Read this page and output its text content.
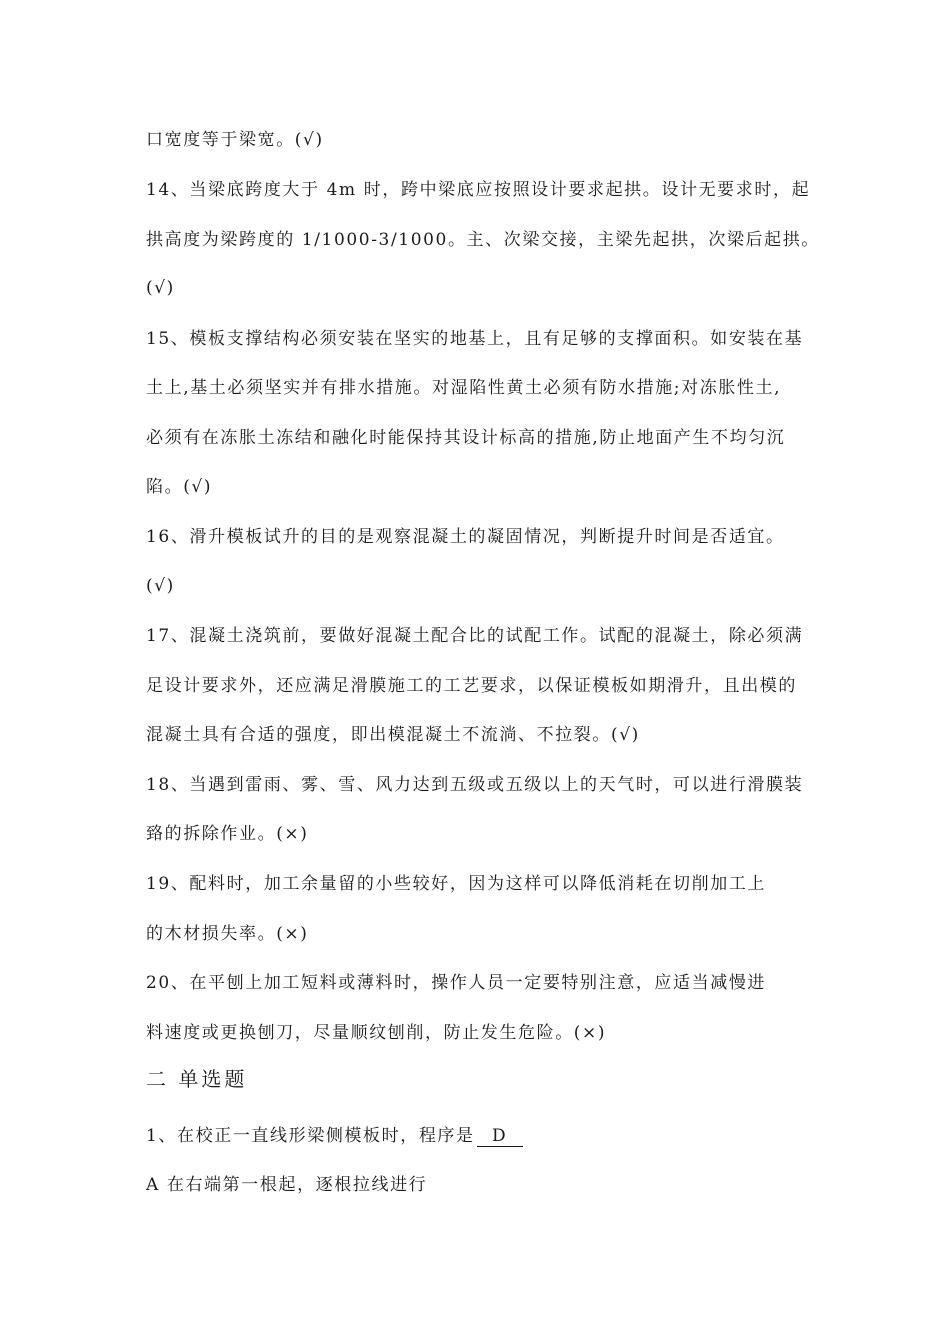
口宽度等于梁宽。(√)
14、当梁底跨度大于 4m 时，跨中梁底应按照设计要求起拱。设计无要求时，起
拱高度为梁跨度的 1/1000-3/1000。主、次梁交接，主梁先起拱，次梁后起拱。
(√)
15、模板支撑结构必须安装在坚实的地基上，且有足够的支撑面积。如安装在基
土上,基土必须坚实并有排水措施。对湿陷性黄土必须有防水措施;对冻胀性土,
必须有在冻胀土冻结和融化时能保持其设计标高的措施,防止地面产生不均匀沉
陷。(√)
16、滑升模板试升的目的是观察混凝土的凝固情况，判断提升时间是否适宜。
(√)
17、混凝土浇筑前，要做好混凝土配合比的试配工作。试配的混凝土，除必须满
足设计要求外，还应满足滑膜施工的工艺要求，以保证模板如期滑升，且出模的
混凝土具有合适的强度，即出模混凝土不流淌、不拉裂。(√)
18、当遇到雷雨、雾、雪、风力达到五级或五级以上的天气时，可以进行滑膜装
臵的拆除作业。(×)
19、配料时，加工余量留的小些较好，因为这样可以降低消耗在切削加工上
的木材损失率。(×)
20、在平刨上加工短料或薄料时，操作人员一定要特别注意，应适当减慢进
料速度或更换刨刀，尽量顺纹刨削，防止发生危险。(×)
二 单选题
1、在校正一直线形梁侧模板时，程序是 D
A 在右端第一根起，逐根拉线进行
